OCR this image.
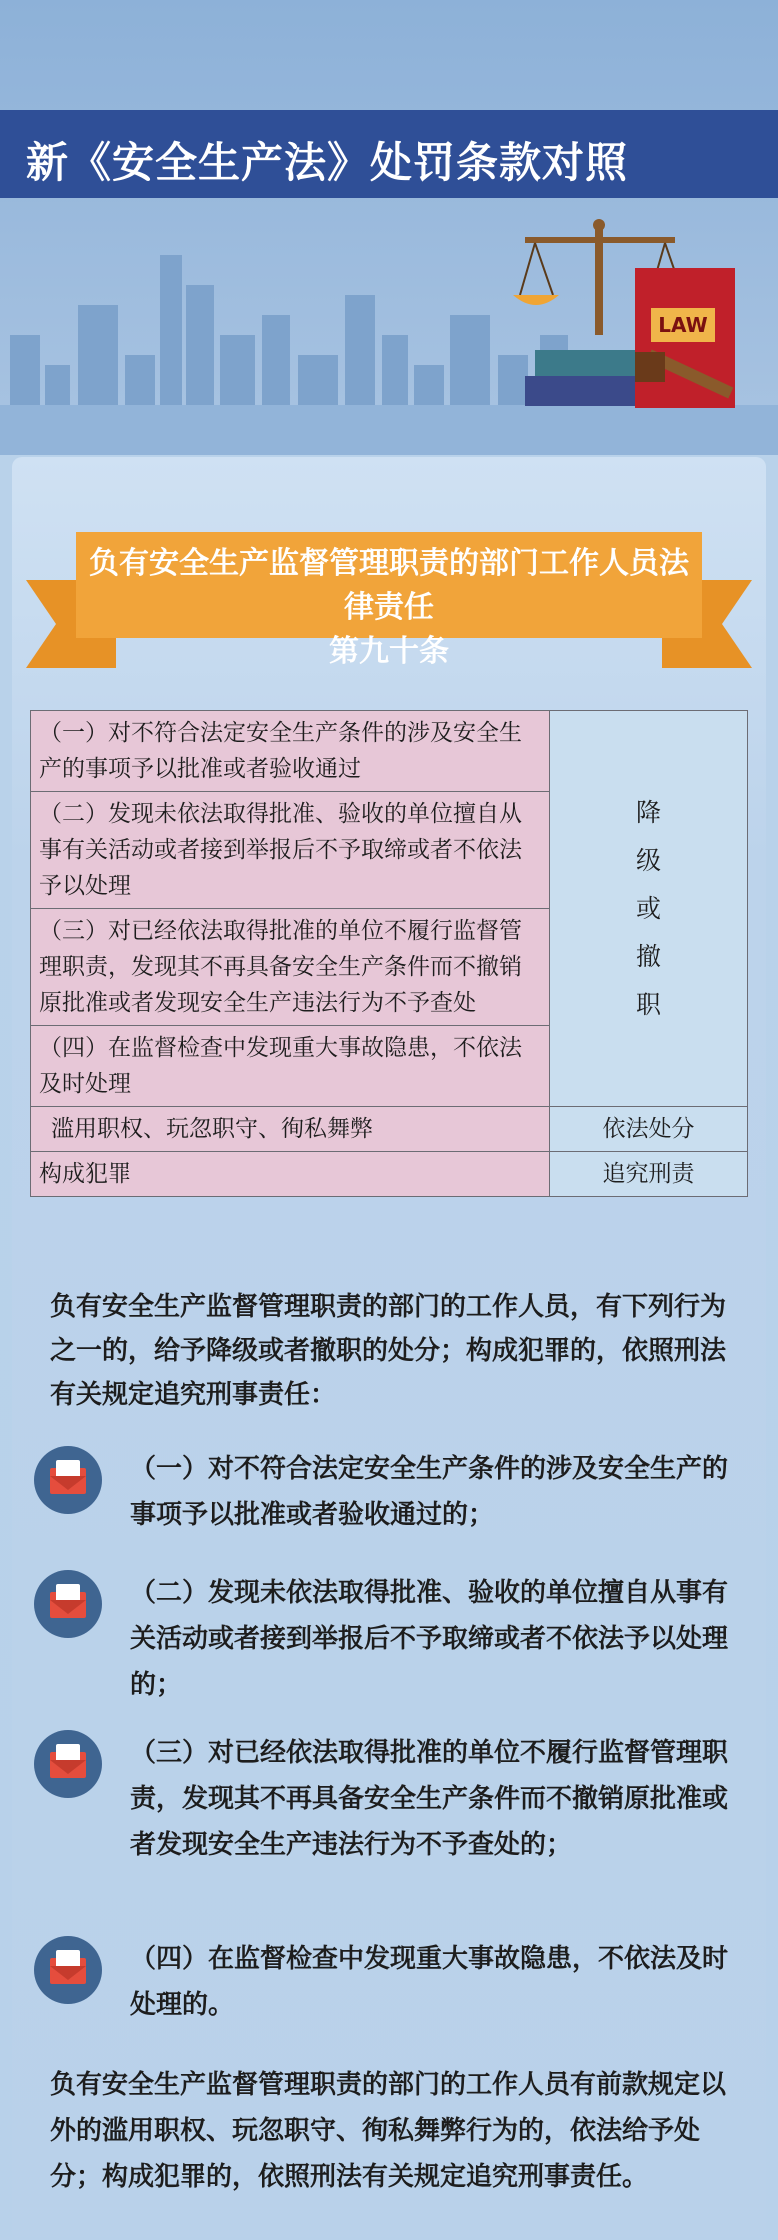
LAW
新《安全生产法》处罚条款对照
负有安全生产监督管理职责的部门工作人员法律责任
第九十条
（一）对不符合法定安全生产条件的涉及安全生产的事项予以批准或者验收通过	降级或撤职
（二）发现未依法取得批准、验收的单位擅自从事有关活动或者接到举报后不予取缔或者不依法予以处理	
（三）对已经依法取得批准的单位不履行监督管理职责，发现其不再具备安全生产条件而不撤销原批准或者发现安全生产违法行为不予查处	
（四）在监督检查中发现重大事故隐患，不依法及时处理	
滥用职权、玩忽职守、徇私舞弊	依法处分
构成犯罪	追究刑责
负有安全生产监督管理职责的部门的工作人员，有下列行为之一的，给予降级或者撤职的处分；构成犯罪的，依照刑法有关规定追究刑事责任：
（一）对不符合法定安全生产条件的涉及安全生产的事项予以批准或者验收通过的；
（二）发现未依法取得批准、验收的单位擅自从事有关活动或者接到举报后不予取缔或者不依法予以处理的；
（三）对已经依法取得批准的单位不履行监督管理职责，发现其不再具备安全生产条件而不撤销原批准或者发现安全生产违法行为不予查处的；
（四）在监督检查中发现重大事故隐患，不依法及时处理的。
负有安全生产监督管理职责的部门的工作人员有前款规定以外的滥用职权、玩忽职守、徇私舞弊行为的，依法给予处分；构成犯罪的，依照刑法有关规定追究刑事责任。
